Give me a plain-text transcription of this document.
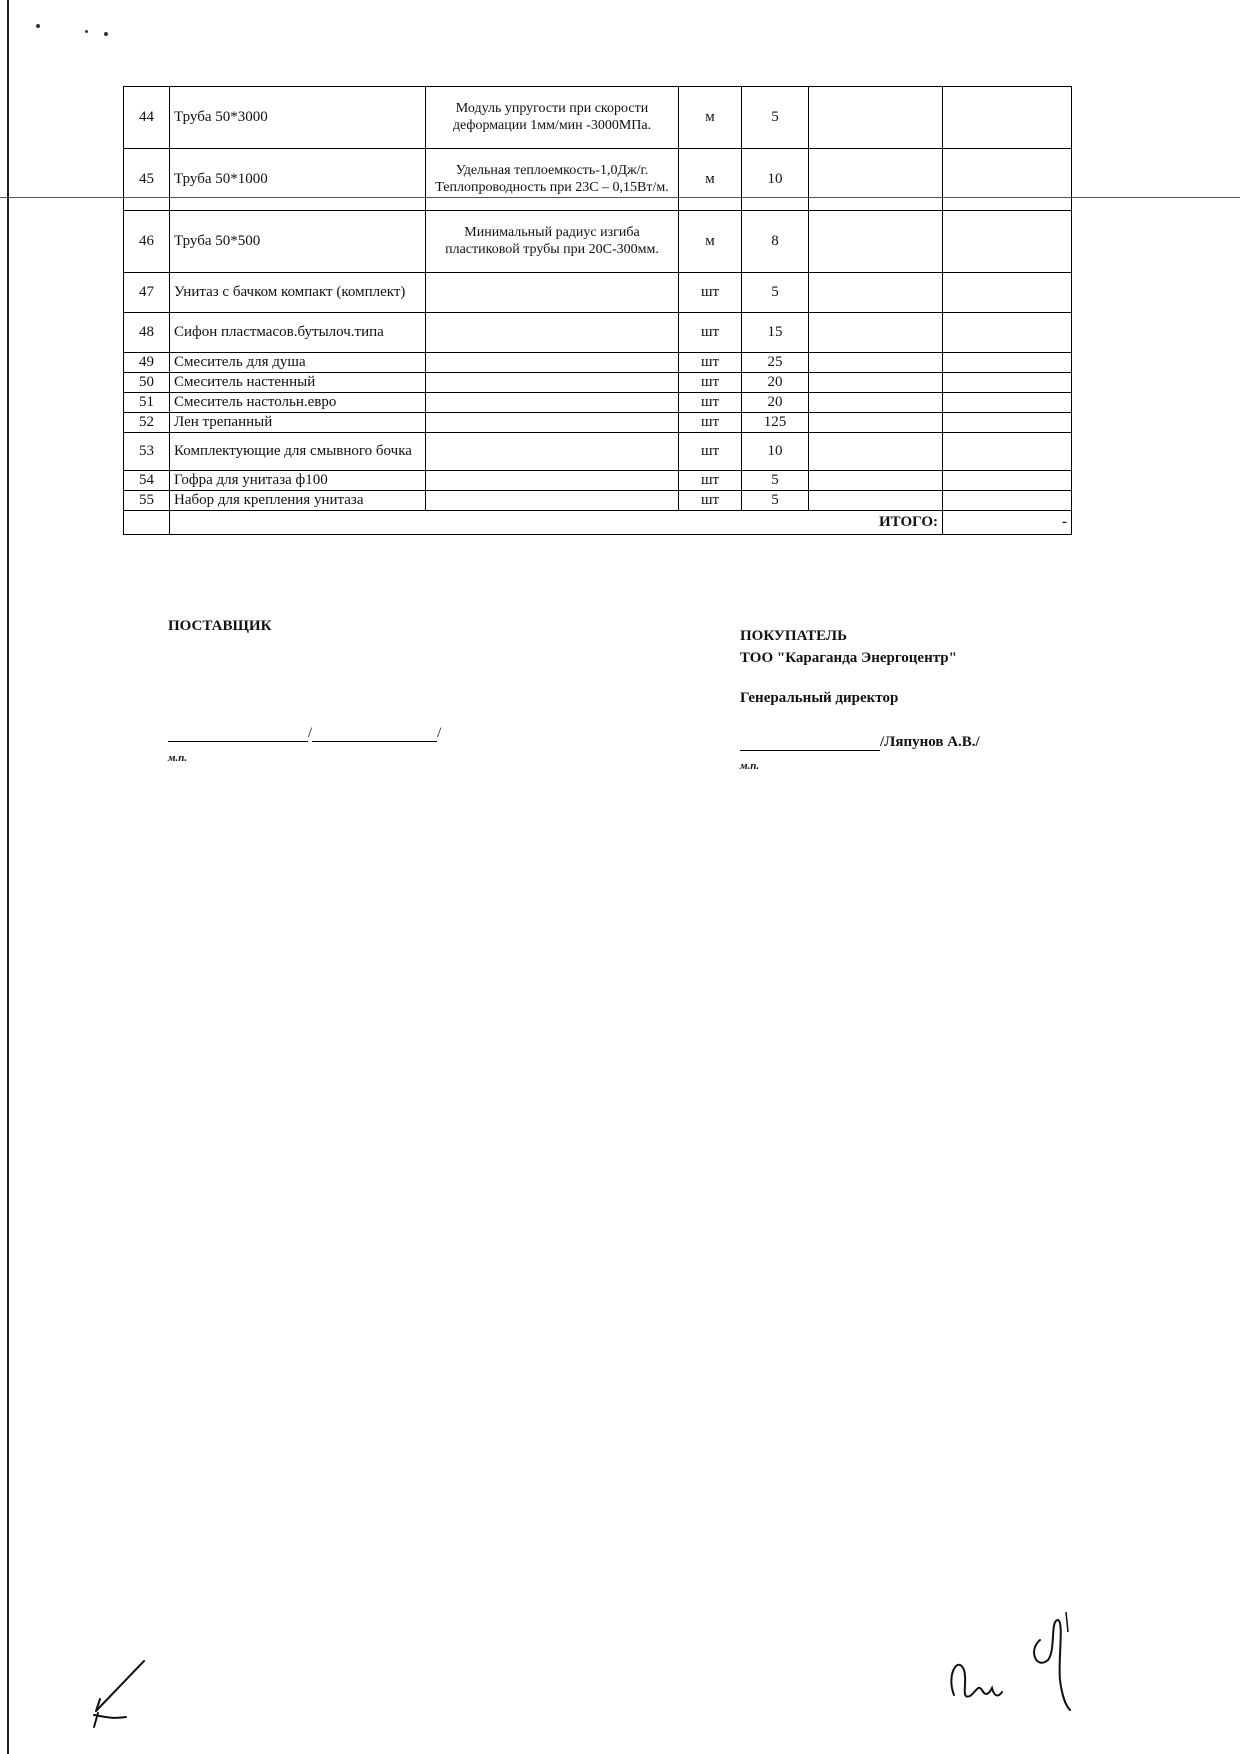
44	Труба 50*3000	Модуль упругости при скорости деформации 1мм/мин -3000МПа.	м	5		
45	Труба 50*1000	Удельная теплоемкость-1,0Дж/г. Теплопроводность при 23С – 0,15Вт/м.	м	10		
46	Труба 50*500	Минимальный радиус изгиба пластиковой трубы при 20С-300мм.	м	8		
47	Унитаз с бачком компакт (комплект)		шт	5		
48	Сифон пластмасов.бутылоч.типа		шт	15		
49	Смеситель для душа		шт	25		
50	Смеситель настенный		шт	20		
51	Смеситель настольн.евро		шт	20		
52	Лен трепанный		шт	125		
53	Комплектующие для смывного бочка		шт	10		
54	Гофра для унитаза ф100		шт	5		
55	Набор для крепления унитаза		шт	5		
	ИТОГО:					-
ПОСТАВЩИК
/	/
м.п.
ПОКУПАТЕЛЬ
ТОО "Караганда Энергоцентр"
Генеральный директор
/Ляпунов А.В./
м.п.
